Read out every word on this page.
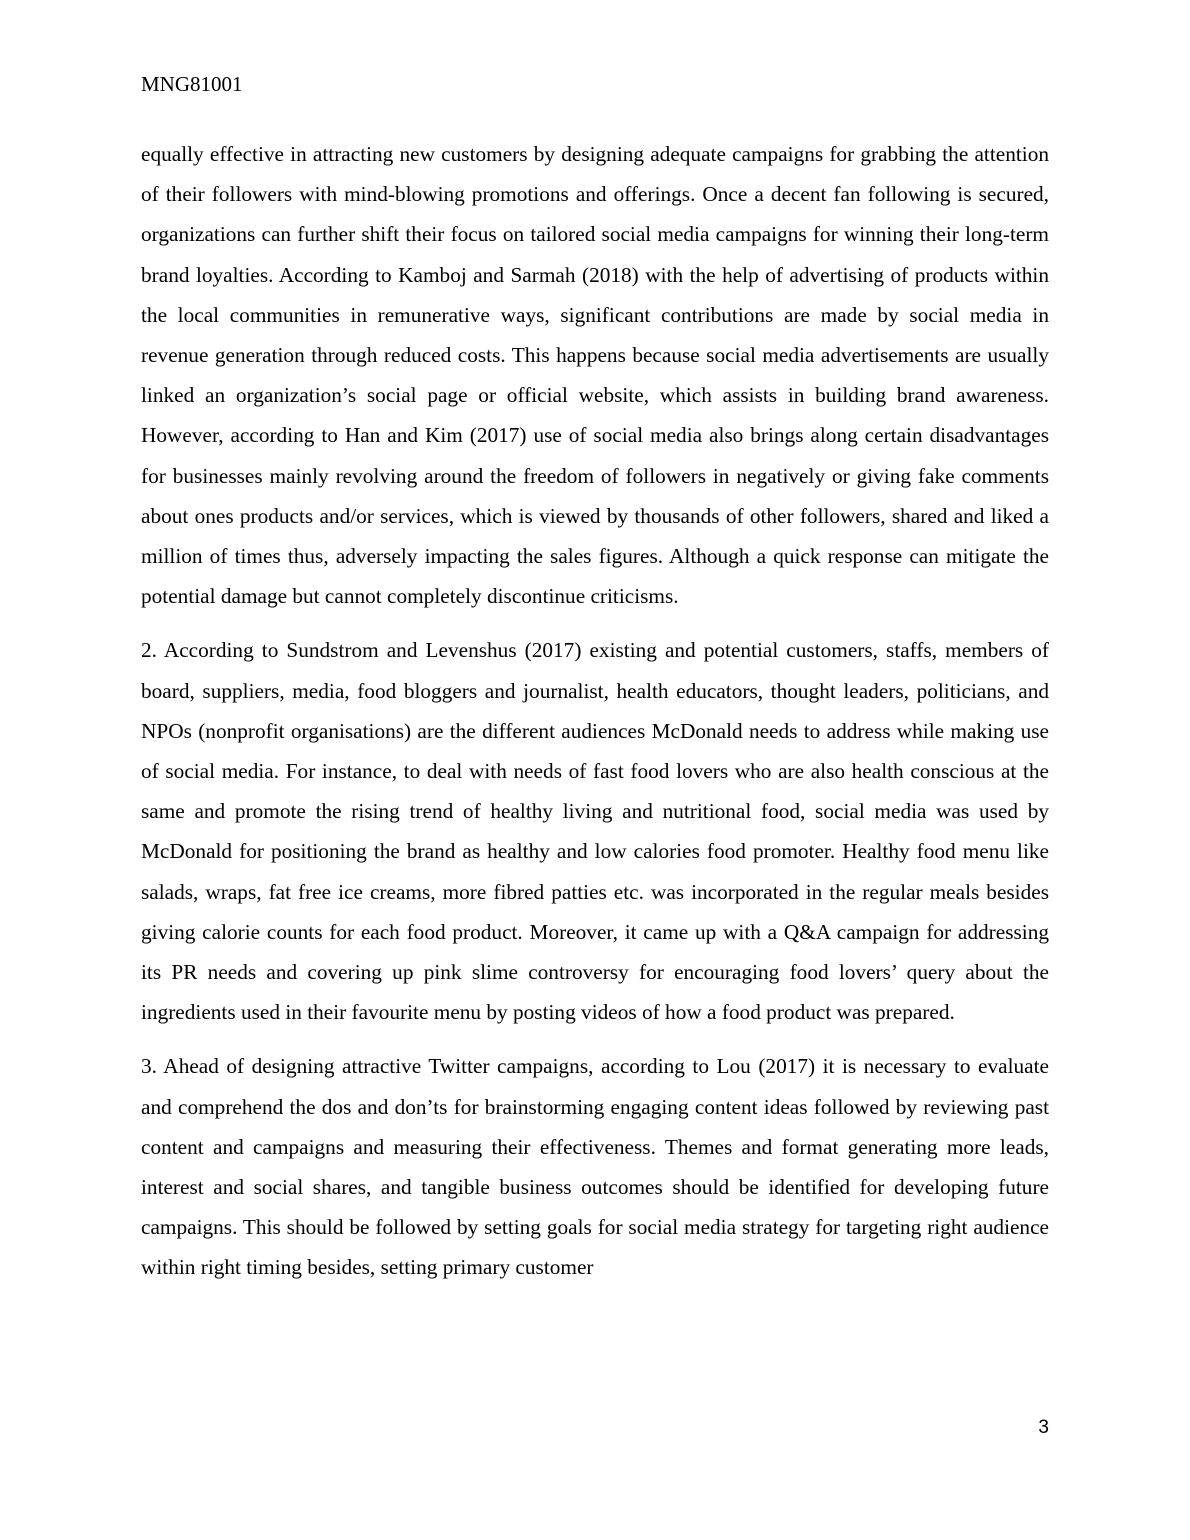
MNG81001

equally effective in attracting new customers by designing adequate campaigns for grabbing the attention of their followers with mind-blowing promotions and offerings. Once a decent fan following is secured, organizations can further shift their focus on tailored social media campaigns for winning their long-term brand loyalties. According to Kamboj and Sarmah (2018) with the help of advertising of products within the local communities in remunerative ways, significant contributions are made by social media in revenue generation through reduced costs. This happens because social media advertisements are usually linked an organization’s social page or official website, which assists in building brand awareness. However, according to Han and Kim (2017) use of social media also brings along certain disadvantages for businesses mainly revolving around the freedom of followers in negatively or giving fake comments about ones products and/or services, which is viewed by thousands of other followers, shared and liked a million of times thus, adversely impacting the sales figures. Although a quick response can mitigate the potential damage but cannot completely discontinue criticisms.

2. According to Sundstrom and Levenshus (2017) existing and potential customers, staffs, members of board, suppliers, media, food bloggers and journalist, health educators, thought leaders, politicians, and NPOs (nonprofit organisations) are the different audiences McDonald needs to address while making use of social media. For instance, to deal with needs of fast food lovers who are also health conscious at the same and promote the rising trend of healthy living and nutritional food, social media was used by McDonald for positioning the brand as healthy and low calories food promoter. Healthy food menu like salads, wraps, fat free ice creams, more fibred patties etc. was incorporated in the regular meals besides giving calorie counts for each food product. Moreover, it came up with a Q&A campaign for addressing its PR needs and covering up pink slime controversy for encouraging food lovers’ query about the ingredients used in their favourite menu by posting videos of how a food product was prepared.

3. Ahead of designing attractive Twitter campaigns, according to Lou (2017) it is necessary to evaluate and comprehend the dos and don’ts for brainstorming engaging content ideas followed by reviewing past content and campaigns and measuring their effectiveness. Themes and format generating more leads, interest and social shares, and tangible business outcomes should be identified for developing future campaigns. This should be followed by setting goals for social media strategy for targeting right audience within right timing besides, setting primary customer

3
